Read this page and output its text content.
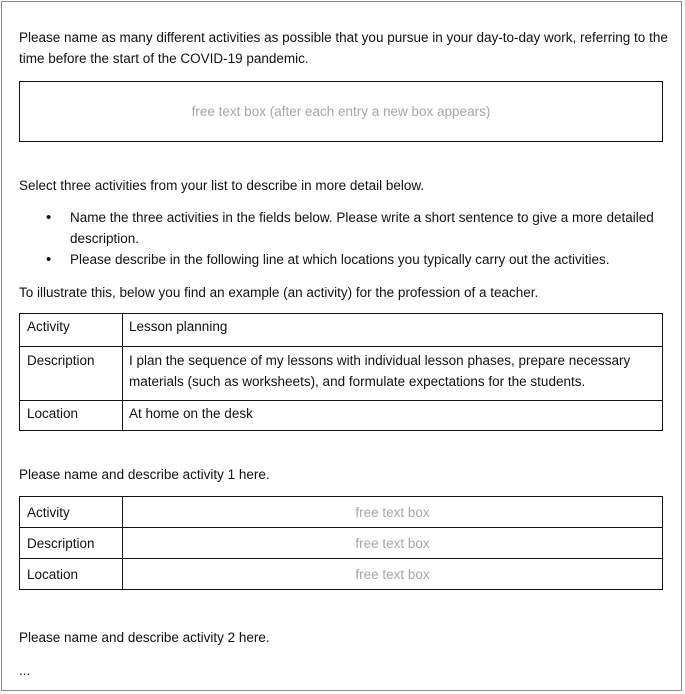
Please name as many different activities as possible that you pursue in your day-to-day work, referring to the time before the start of the COVID-19 pandemic.

free text box (after each entry a new box appears)

Select three activities from your list to describe in more detail below.

• Name the three activities in the fields below. Please write a short sentence to give a more detailed description.
• Please describe in the following line at which locations you typically carry out the activities.

To illustrate this, below you find an example (an activity) for the profession of a teacher.

Activity	Lesson planning
Description	I plan the sequence of my lessons with individual lesson phases, prepare necessary materials (such as worksheets), and formulate expectations for the students.
Location	At home on the desk

Please name and describe activity 1 here.

Activity	free text box
Description	free text box
Location	free text box

Please name and describe activity 2 here.

...
